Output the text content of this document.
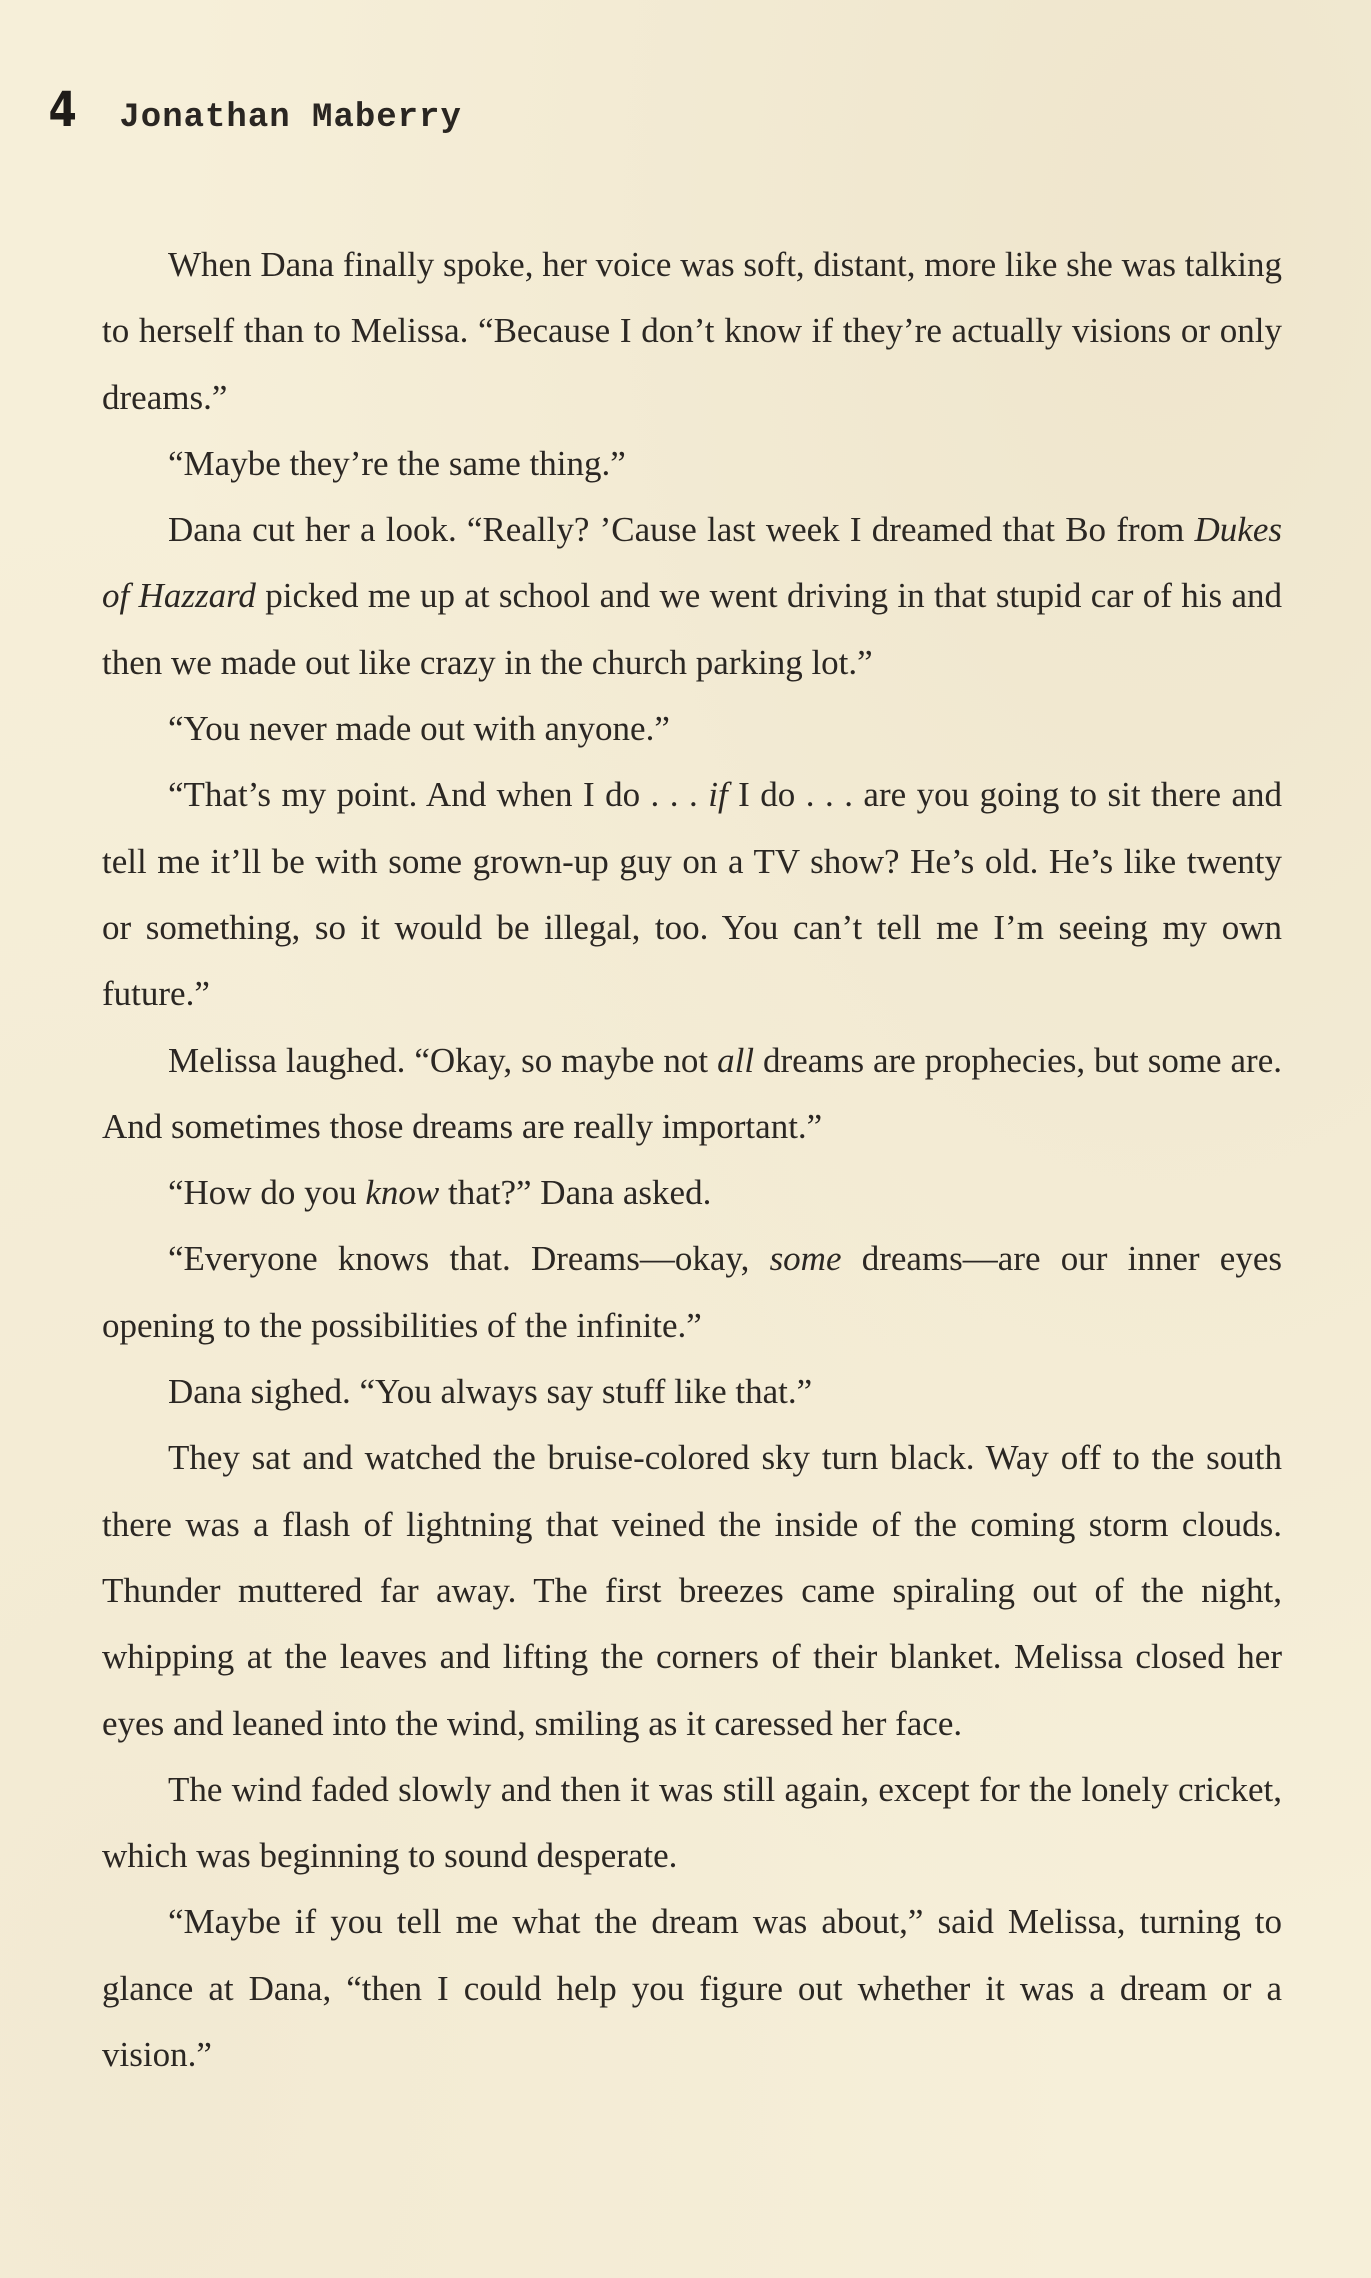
4 Jonathan Maberry

When Dana finally spoke, her voice was soft, distant, more like she was talking to herself than to Melissa. “Because I don’t know if they’re actually visions or only dreams.”

“Maybe they’re the same thing.”

Dana cut her a look. “Really? ’Cause last week I dreamed that Bo from Dukes of Hazzard picked me up at school and we went driving in that stupid car of his and then we made out like crazy in the church parking lot.”

“You never made out with anyone.”

“That’s my point. And when I do . . . if I do . . . are you going to sit there and tell me it’ll be with some grown-up guy on a TV show? He’s old. He’s like twenty or something, so it would be illegal, too. You can’t tell me I’m seeing my own future.”

Melissa laughed. “Okay, so maybe not all dreams are prophecies, but some are. And sometimes those dreams are really important.”

“How do you know that?” Dana asked.

“Everyone knows that. Dreams—okay, some dreams—are our inner eyes opening to the possibilities of the infinite.”

Dana sighed. “You always say stuff like that.”

They sat and watched the bruise-colored sky turn black. Way off to the south there was a flash of lightning that veined the inside of the coming storm clouds. Thunder muttered far away. The first breezes came spiraling out of the night, whipping at the leaves and lifting the corners of their blanket. Melissa closed her eyes and leaned into the wind, smiling as it caressed her face.

The wind faded slowly and then it was still again, except for the lonely cricket, which was beginning to sound desperate.

“Maybe if you tell me what the dream was about,” said Melissa, turning to glance at Dana, “then I could help you figure out whether it was a dream or a vision.”
